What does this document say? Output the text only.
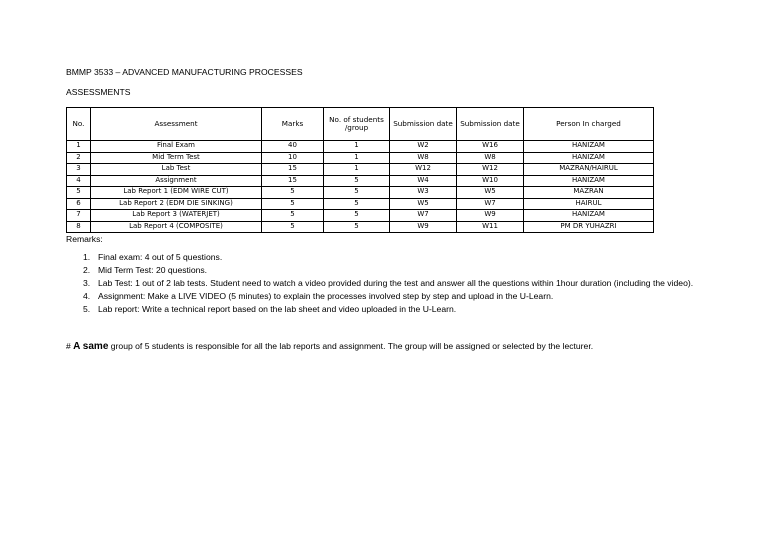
BMMP 3533 – ADVANCED MANUFACTURING PROCESSES
ASSESSMENTS
No.	Assessment	Marks	No. of students /group	Submission date	Submission date	Person In charged
1	Final Exam	40	1	W2	W16	HANIZAM
2	Mid Term Test	10	1	W8	W8	HANIZAM
3	Lab Test	15	1	W12	W12	MAZRAN/HAIRUL
4	Assignment	15	5	W4	W10	HANIZAM
5	Lab Report 1 (EDM WIRE CUT)	5	5	W3	W5	MAZRAN
6	Lab Report 2 (EDM DIE SINKING)	5	5	W5	W7	HAIRUL
7	Lab Report 3 (WATERJET)	5	5	W7	W9	HANIZAM
8	Lab Report 4 (COMPOSITE)	5	5	W9	W11	PM DR YUHAZRI
Remarks:
1. Final exam: 4 out of 5 questions.
2. Mid Term Test: 20 questions.
3. Lab Test: 1 out of 2 lab tests. Student need to watch a video provided during the test and answer all the questions within 1hour duration (including the video).
4. Assignment: Make a LIVE VIDEO (5 minutes) to explain the processes involved step by step and upload in the U-Learn.
5. Lab report: Write a technical report based on the lab sheet and video uploaded in the U-Learn.
# A same group of 5 students is responsible for all the lab reports and assignment. The group will be assigned or selected by the lecturer.
